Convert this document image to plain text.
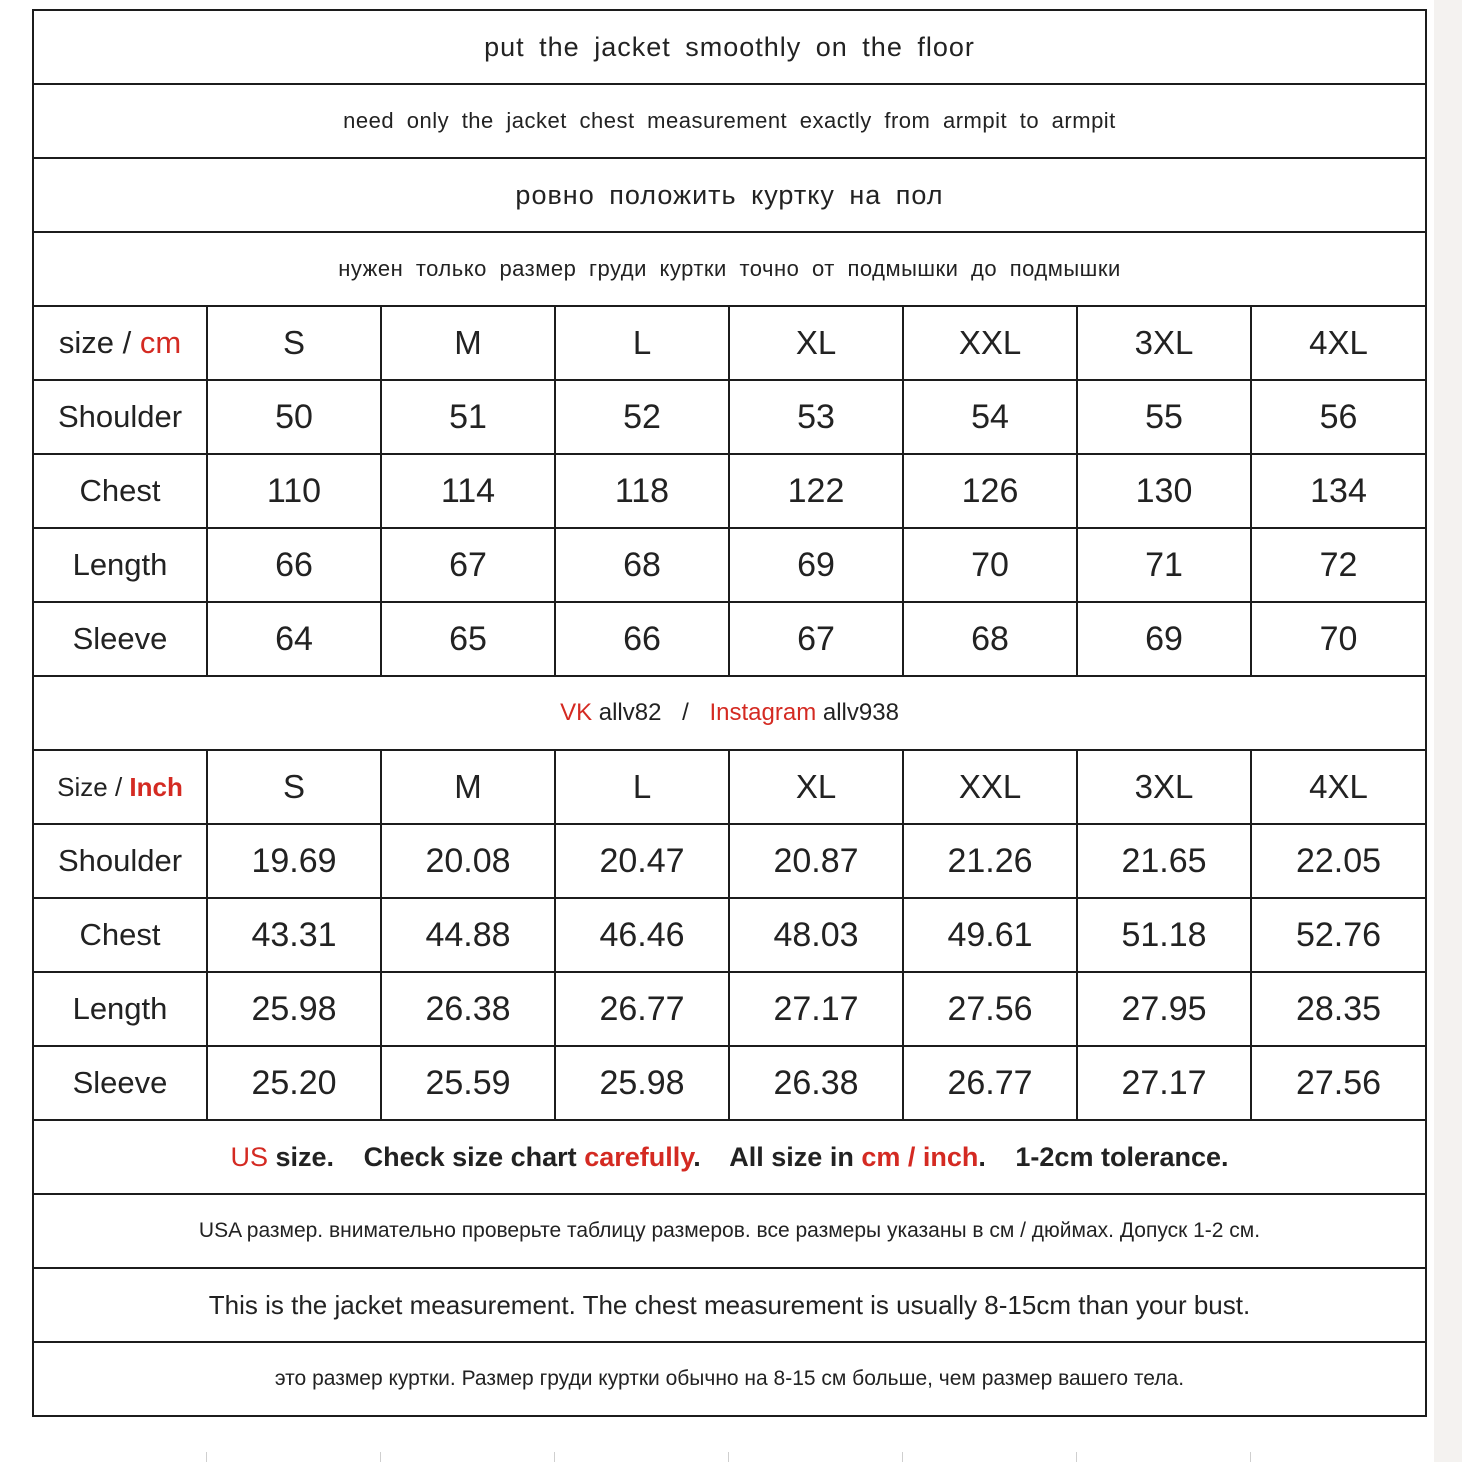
put the jacket smoothly on the floor							
need only the jacket chest measurement exactly from armpit to armpit							
ровно положить куртку на пол							
нужен только размер груди куртки точно от подмышки до подмышки							
size / cm	S	M	L	XL	XXL	3XL	4XL
Shoulder	50	51	52	53	54	55	56
Chest	110	114	118	122	126	130	134
Length	66	67	68	69	70	71	72
Sleeve	64	65	66	67	68	69	70
VK allv82 / Instagram allv938							
Size / Inch	S	M	L	XL	XXL	3XL	4XL
Shoulder	19.69	20.08	20.47	20.87	21.26	21.65	22.05
Chest	43.31	44.88	46.46	48.03	49.61	51.18	52.76
Length	25.98	26.38	26.77	27.17	27.56	27.95	28.35
Sleeve	25.20	25.59	25.98	26.38	26.77	27.17	27.56
US size. Check size chart carefully. All size in cm / inch. 1-2cm tolerance.							
USA размер. внимательно проверьте таблицу размеров. все размеры указаны в см / дюймах. Допуск 1-2 см.							
This is the jacket measurement. The chest measurement is usually 8-15cm than your bust.							
это размер куртки. Размер груди куртки обычно на 8-15 см больше, чем размер вашего тела.							
